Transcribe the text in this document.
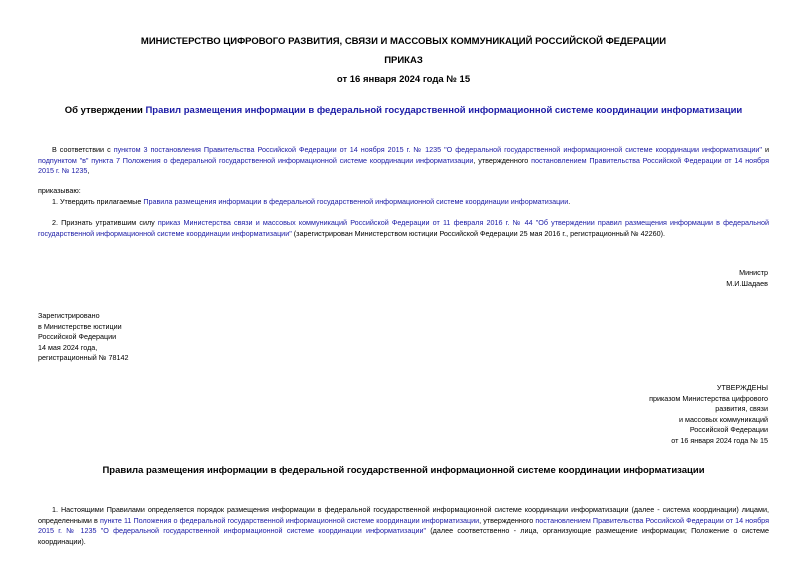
МИНИСТЕРСТВО ЦИФРОВОГО РАЗВИТИЯ, СВЯЗИ И МАССОВЫХ КОММУНИКАЦИЙ РОССИЙСКОЙ ФЕДЕРАЦИИ
ПРИКАЗ
от 16 января 2024 года № 15
Об утверждении Правил размещения информации в федеральной государственной информационной системе координации информатизации
В соответствии с пунктом 3 постановления Правительства Российской Федерации от 14 ноября 2015 г. № 1235 "О федеральной государственной информационной системе координации информатизации" и подпунктом "в" пункта 7 Положения о федеральной государственной информационной системе координации информатизации, утвержденного постановлением Правительства Российской Федерации от 14 ноября 2015 г. № 1235,
приказываю:
1. Утвердить прилагаемые Правила размещения информации в федеральной государственной информационной системе координации информатизации.
2. Признать утратившим силу приказ Министерства связи и массовых коммуникаций Российской Федерации от 11 февраля 2016 г. № 44 "Об утверждении правил размещения информации в федеральной государственной информационной системе координации информатизации" (зарегистрирован Министерством юстиции Российской Федерации 25 мая 2016 г., регистрационный № 42260).
Министр
М.И.Шадаев
Зарегистрировано
в Министерстве юстиции
Российской Федерации
14 мая 2024 года,
регистрационный № 78142
УТВЕРЖДЕНЫ
приказом Министерства цифрового
развития, связи
и массовых коммуникаций
Российской Федерации
от 16 января 2024 года № 15
Правила размещения информации в федеральной государственной информационной системе координации информатизации
1. Настоящими Правилами определяется порядок размещения информации в федеральной государственной информационной системе координации информатизации (далее - система координации) лицами, определенными в пункте 11 Положения о федеральной государственной информационной системе координации информатизации, утвержденного постановлением Правительства Российской Федерации от 14 ноября 2015 г. № 1235 "О федеральной государственной информационной системе координации информатизации" (далее соответственно - лица, организующие размещение информации; Положение о системе координации).
